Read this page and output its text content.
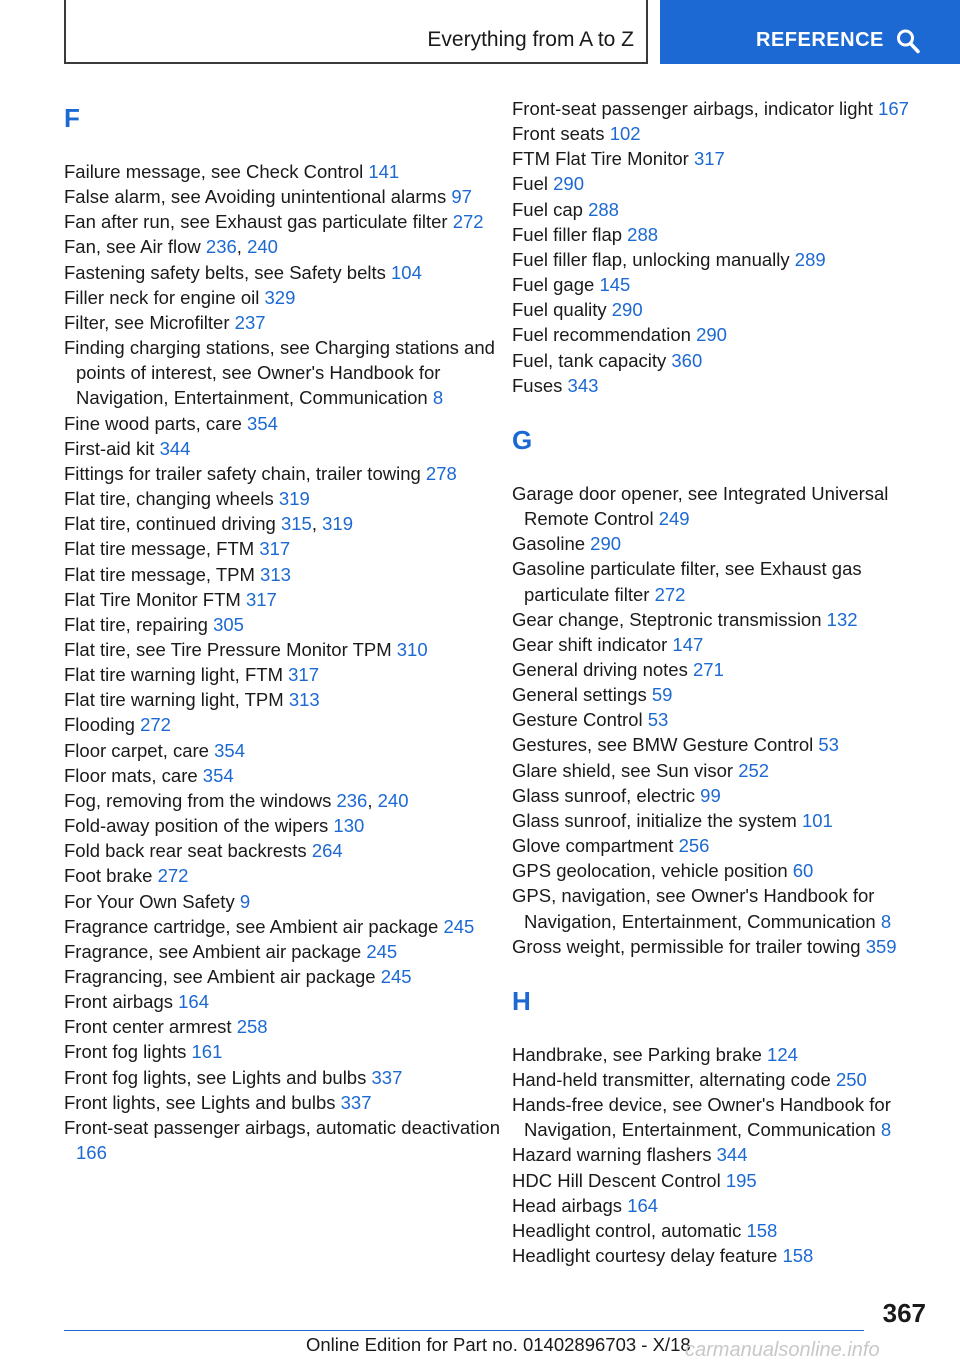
Everything from A to Z	REFERENCE
F
Failure message, see Check Control 141
False alarm, see Avoiding unintentional alarms 97
Fan after run, see Exhaust gas particulate filter 272
Fan, see Air flow 236, 240
Fastening safety belts, see Safety belts 104
Filler neck for engine oil 329
Filter, see Microfilter 237
Finding charging stations, see Charging stations and points of interest, see Owner's Handbook for Navigation, Entertainment, Communication 8
Fine wood parts, care 354
First-aid kit 344
Fittings for trailer safety chain, trailer towing 278
Flat tire, changing wheels 319
Flat tire, continued driving 315, 319
Flat tire message, FTM 317
Flat tire message, TPM 313
Flat Tire Monitor FTM 317
Flat tire, repairing 305
Flat tire, see Tire Pressure Monitor TPM 310
Flat tire warning light, FTM 317
Flat tire warning light, TPM 313
Flooding 272
Floor carpet, care 354
Floor mats, care 354
Fog, removing from the windows 236, 240
Fold-away position of the wipers 130
Fold back rear seat backrests 264
Foot brake 272
For Your Own Safety 9
Fragrance cartridge, see Ambient air package 245
Fragrance, see Ambient air package 245
Fragrancing, see Ambient air package 245
Front airbags 164
Front center armrest 258
Front fog lights 161
Front fog lights, see Lights and bulbs 337
Front lights, see Lights and bulbs 337
Front-seat passenger airbags, automatic deactivation 166
Front-seat passenger airbags, indicator light 167
Front seats 102
FTM Flat Tire Monitor 317
Fuel 290
Fuel cap 288
Fuel filler flap 288
Fuel filler flap, unlocking manually 289
Fuel gage 145
Fuel quality 290
Fuel recommendation 290
Fuel, tank capacity 360
Fuses 343
G
Garage door opener, see Integrated Universal Remote Control 249
Gasoline 290
Gasoline particulate filter, see Exhaust gas particulate filter 272
Gear change, Steptronic transmission 132
Gear shift indicator 147
General driving notes 271
General settings 59
Gesture Control 53
Gestures, see BMW Gesture Control 53
Glare shield, see Sun visor 252
Glass sunroof, electric 99
Glass sunroof, initialize the system 101
Glove compartment 256
GPS geolocation, vehicle position 60
GPS, navigation, see Owner's Handbook for Navigation, Entertainment, Communication 8
Gross weight, permissible for trailer towing 359
H
Handbrake, see Parking brake 124
Hand-held transmitter, alternating code 250
Hands-free device, see Owner's Handbook for Navigation, Entertainment, Communication 8
Hazard warning flashers 344
HDC Hill Descent Control 195
Head airbags 164
Headlight control, automatic 158
Headlight courtesy delay feature 158
367
Online Edition for Part no. 01402896703 - X/18
carmanualsonline.info
